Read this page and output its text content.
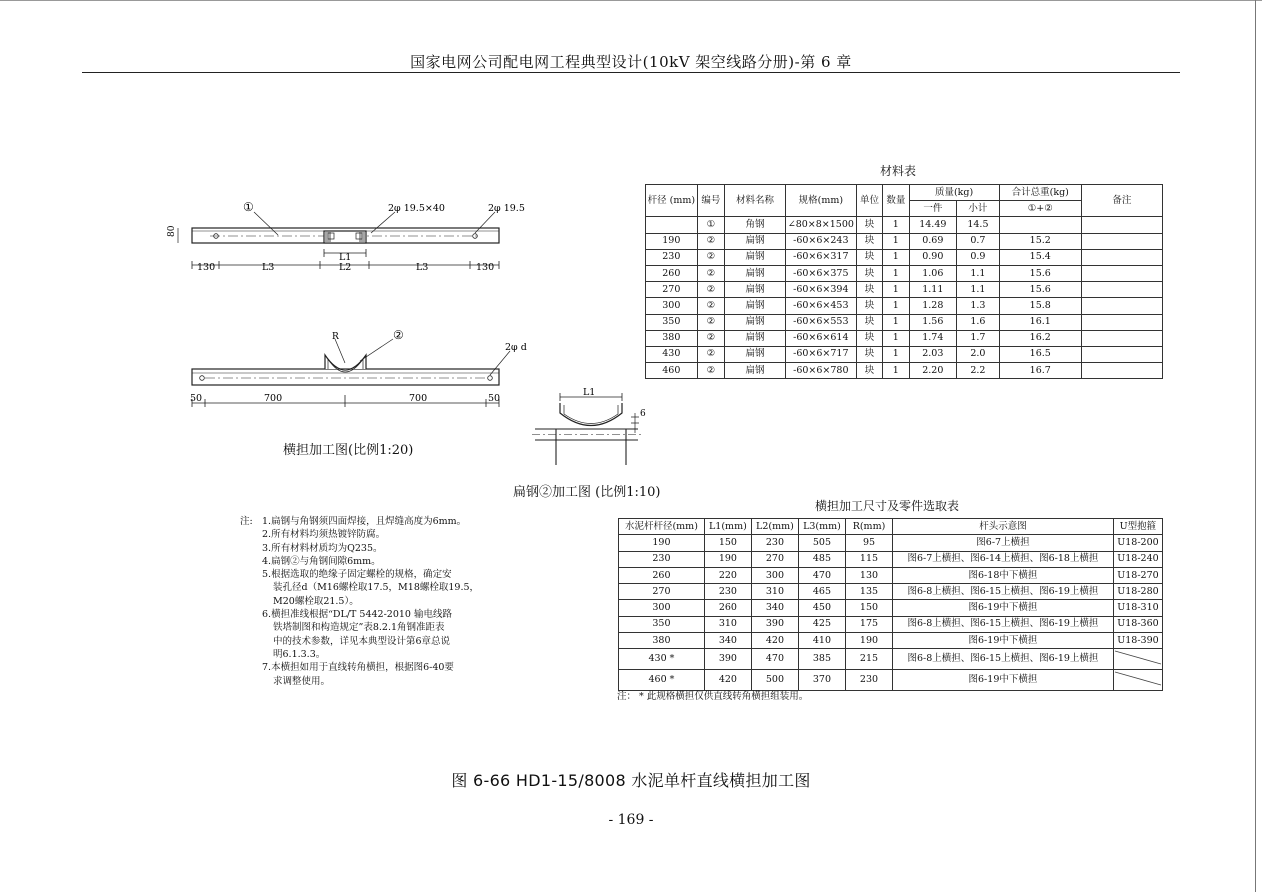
国家电网公司配电网工程典型设计(10kV 架空线路分册)-第 6 章
①	2φ 19.5×40	2φ 19.5
80
L1
130	L3	L2	L3	130
②
R
2φ d
50	700	700	50
横担加工图(比例1:20)
L1
6
扁钢②加工图 (比例1:10)
材料表
杆径 (mm)	编号	材料名称	规格(mm)	单位	数量	质量(kg)		合计总重(kg)	备注
						一件	小计	①+②	
	①	角钢	∠80×8×1500	块	1	14.49	14.5		
190	②	扁钢	-60×6×243	块	1	0.69	0.7	15.2	
230	②	扁钢	-60×6×317	块	1	0.90	0.9	15.4	
260	②	扁钢	-60×6×375	块	1	1.06	1.1	15.6	
270	②	扁钢	-60×6×394	块	1	1.11	1.1	15.6	
300	②	扁钢	-60×6×453	块	1	1.28	1.3	15.8	
350	②	扁钢	-60×6×553	块	1	1.56	1.6	16.1	
380	②	扁钢	-60×6×614	块	1	1.74	1.7	16.2	
430	②	扁钢	-60×6×717	块	1	2.03	2.0	16.5	
460	②	扁钢	-60×6×780	块	1	2.20	2.2	16.7	
注: 1.扁钢与角钢须四面焊接，且焊缝高度为6mm。
2.所有材料均须热镀锌防腐。
3.所有材料材质均为Q235。
4.扁钢②与角钢间隙6mm。
5.根据选取的绝缘子固定螺栓的规格，确定安
装孔径d（M16螺栓取17.5，M18螺栓取19.5，
M20螺栓取21.5）。
6.横担准线根据“DL/T 5442-2010 输电线路
铁塔制图和构造规定”表8.2.1角钢准距表
中的技术参数，详见本典型设计第6章总说
明6.1.3.3。
7.本横担如用于直线转角横担，根据图6-40要
求调整使用。
横担加工尺寸及零件选取表
水泥杆杆径(mm)	L1(mm)	L2(mm)	L3(mm)	R(mm)	杆头示意图	U型抱箍
190	150	230	505	95	图6-7上横担	U18-200
230	190	270	485	115	图6-7上横担、图6-14上横担、图6-18上横担	U18-240
260	220	300	470	130	图6-18中下横担	U18-270
270	230	310	465	135	图6-8上横担、图6-15上横担、图6-19上横担	U18-280
300	260	340	450	150	图6-19中下横担	U18-310
350	310	390	425	175	图6-8上横担、图6-15上横担、图6-19上横担	U18-360
380	340	420	410	190	图6-19中下横担	U18-390
430 *	390	470	385	215	图6-8上横担、图6-15上横担、图6-19上横担	
460 *	420	500	370	230	图6-19中下横担	
注： * 此规格横担仅供直线转角横担组装用。
图 6-66 HD1-15/8008 水泥单杆直线横担加工图
- 169 -
